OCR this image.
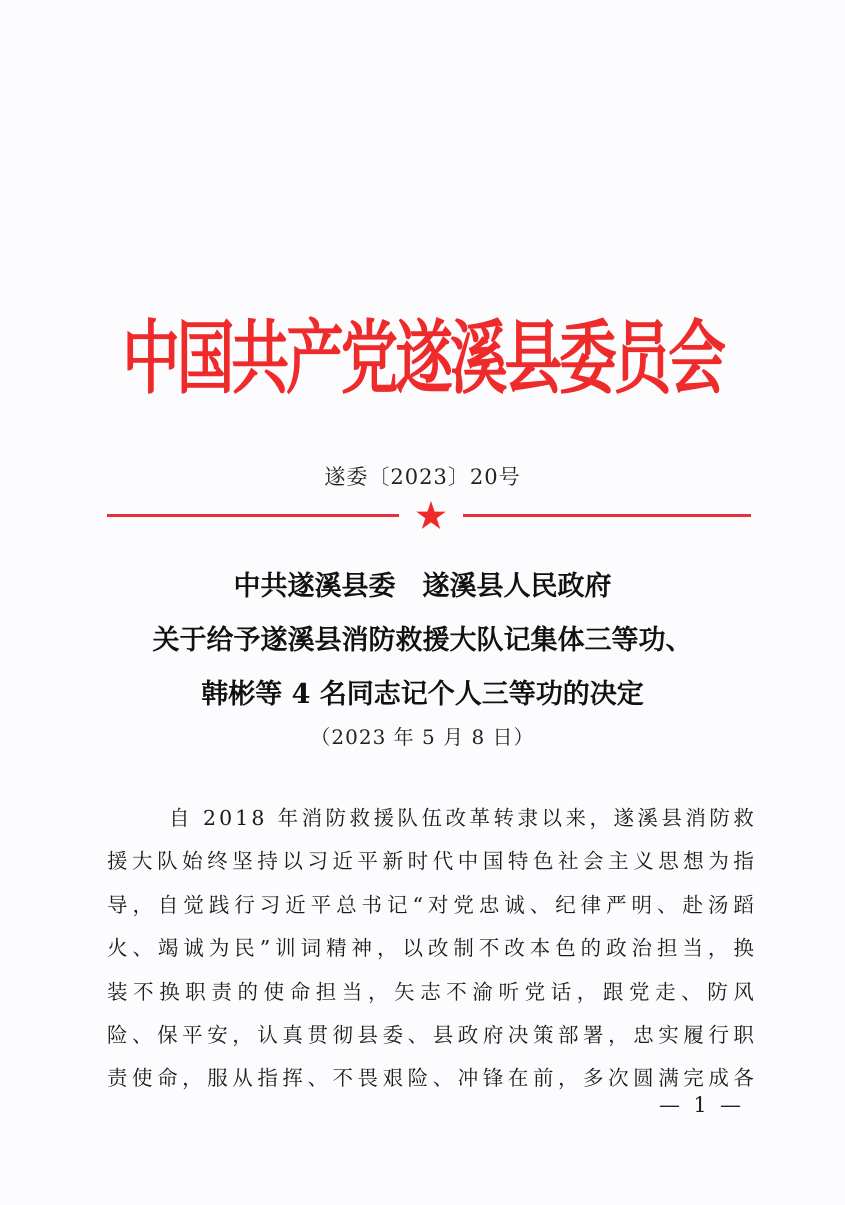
中国共产党遂溪县委员会
遂委〔2023〕20号
中共遂溪县委　遂溪县人民政府
关于给予遂溪县消防救援大队记集体三等功、
韩彬等 4 名同志记个人三等功的决定
（2023 年 5 月 8 日）
自 2018 年消防救援队伍改革转隶以来，遂溪县消防救
援大队始终坚持以习近平新时代中国特色社会主义思想为指
导，自觉践行习近平总书记“对党忠诚、纪律严明、赴汤蹈
火、竭诚为民”训词精神，以改制不改本色的政治担当，换
装不换职责的使命担当，矢志不渝听党话，跟党走、防风
险、保平安，认真贯彻县委、县政府决策部署，忠实履行职
责使命，服从指挥、不畏艰险、冲锋在前，多次圆满完成各
—  1  —
